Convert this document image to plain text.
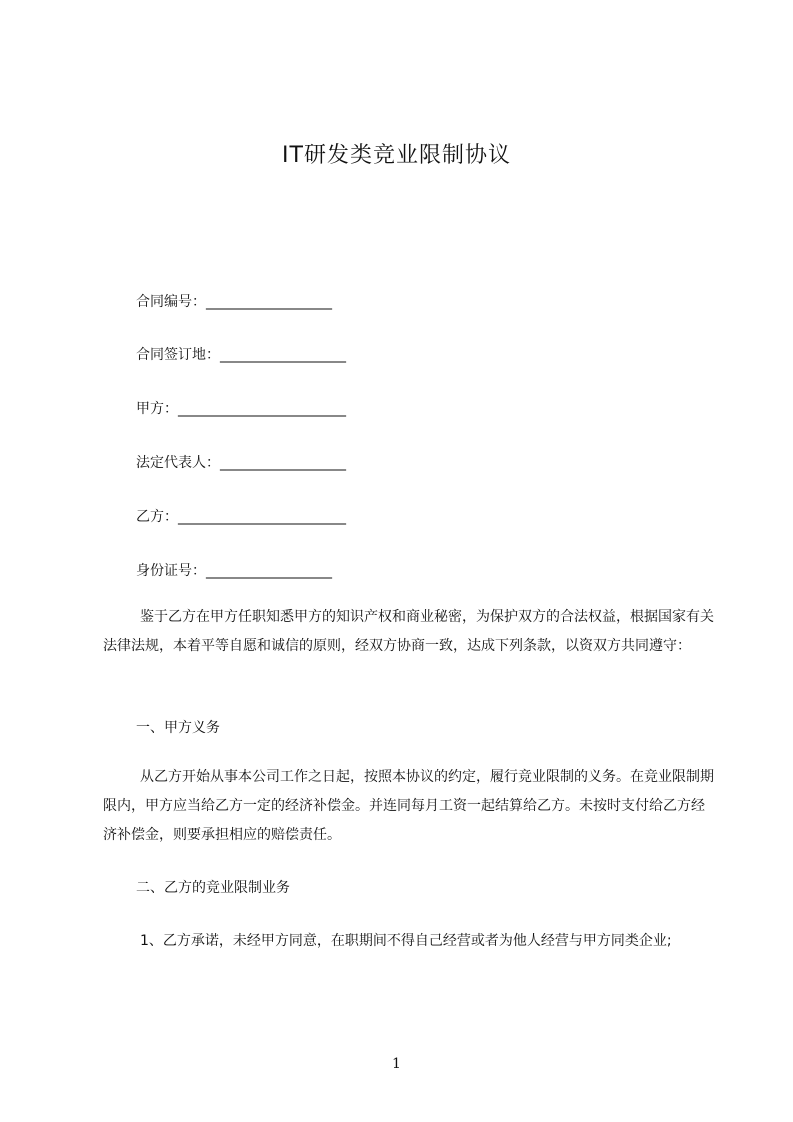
IT研发类竞业限制协议
合同编号：__________________
合同签订地：__________________
甲方：________________________
法定代表人：__________________
乙方：________________________
身份证号：__________________
鉴于乙方在甲方任职知悉甲方的知识产权和商业秘密，为保护双方的合法权益，根据国家有关法律法规，本着平等自愿和诚信的原则，经双方协商一致，达成下列条款，以资双方共同遵守：
一、甲方义务
从乙方开始从事本公司工作之日起，按照本协议的约定，履行竞业限制的义务。在竞业限制期限内，甲方应当给乙方一定的经济补偿金。并连同每月工资一起结算给乙方。未按时支付给乙方经济补偿金，则要承担相应的赔偿责任。
二、乙方的竞业限制业务
1、乙方承诺，未经甲方同意，在职期间不得自己经营或者为他人经营与甲方同类企业;
1
